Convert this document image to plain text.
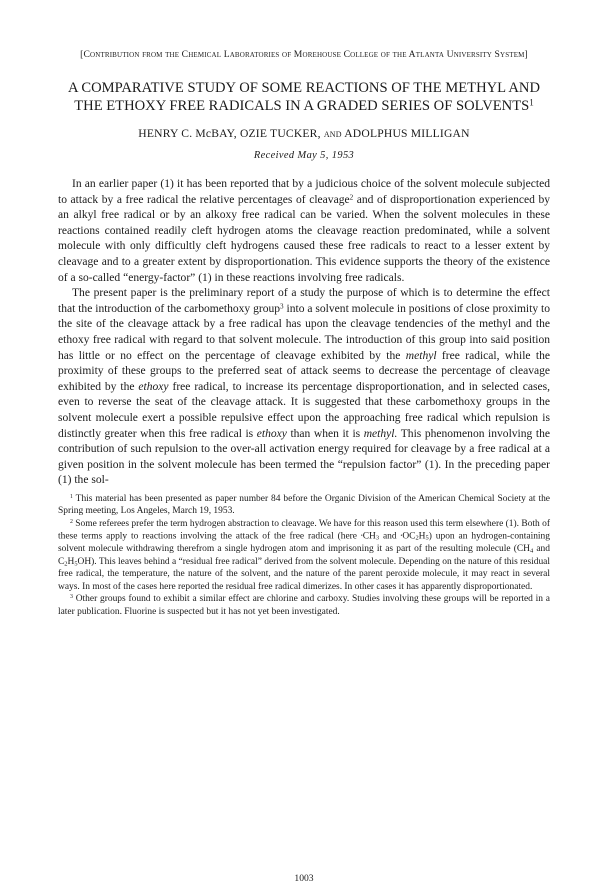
[Contribution from the Chemical Laboratories of Morehouse College of the Atlanta University System]
A COMPARATIVE STUDY OF SOME REACTIONS OF THE METHYL AND THE ETHOXY FREE RADICALS IN A GRADED SERIES OF SOLVENTS$^1$
HENRY C. McBAY, OZIE TUCKER, and ADOLPHUS MILLIGAN
Received May 5, 1953

In an earlier paper (1) it has been reported that by a judicious choice of the solvent molecule subjected to attack by a free radical the relative percentages of cleavage$^2$ and of disproportionation experienced by an alkyl free radical or by an alkoxy free radical can be varied. When the solvent molecules in these reactions contained readily cleft hydrogen atoms the cleavage reaction predominated, while a solvent molecule with only difficultly cleft hydrogens caused these free radicals to react to a lesser extent by cleavage and to a greater extent by disproportionation. This evidence supports the theory of the existence of a so-called “energy-factor” (1) in these reactions involving free radicals.

The present paper is the preliminary report of a study the purpose of which is to determine the effect that the introduction of the carbomethoxy group$^3$ into a solvent molecule in positions of close proximity to the site of the cleavage attack by a free radical has upon the cleavage tendencies of the methyl and the ethoxy free radical with regard to that solvent molecule. The introduction of this group into said position has little or no effect on the percentage of cleavage exhibited by the methyl free radical, while the proximity of these groups to the preferred seat of attack seems to decrease the percentage of cleavage exhibited by the ethoxy free radical, to increase its percentage disproportionation, and in selected cases, even to reverse the seat of the cleavage attack. It is suggested that these carbomethoxy groups in the solvent molecule exert a possible repulsive effect upon the approaching free radical which repulsion is distinctly greater when this free radical is ethoxy than when it is methyl. This phenomenon involving the contribution of such repulsion to the over-all activation energy required for cleavage by a free radical at a given position in the solvent molecule has been termed the “repulsion factor” (1). In the preceding paper (1) the sol-

$^1$ This material has been presented as paper number 84 before the Organic Division of the American Chemical Society at the Spring meeting, Los Angeles, March 19, 1953.

$^2$ Some referees prefer the term hydrogen abstraction to cleavage. We have for this reason used this term elsewhere (1). Both of these terms apply to reactions involving the attack of the free radical (here $•CH_3$ and $•OC_2H_5$) upon an hydrogen-containing solvent molecule withdrawing therefrom a single hydrogen atom and imprisoning it as part of the resulting molecule ($CH_4$ and $C_2H_5OH$). This leaves behind a “residual free radical” derived from the solvent molecule. Depending on the nature of this residual free radical, the temperature, the nature of the solvent, and the nature of the parent peroxide molecule, it may react in several ways. In most of the cases here reported the residual free radical dimerizes. In other cases it has apparently disproportionated.

$^3$ Other groups found to exhibit a similar effect are chlorine and carboxy. Studies involving these groups will be reported in a later publication. Fluorine is suspected but it has not yet been investigated.

1003
